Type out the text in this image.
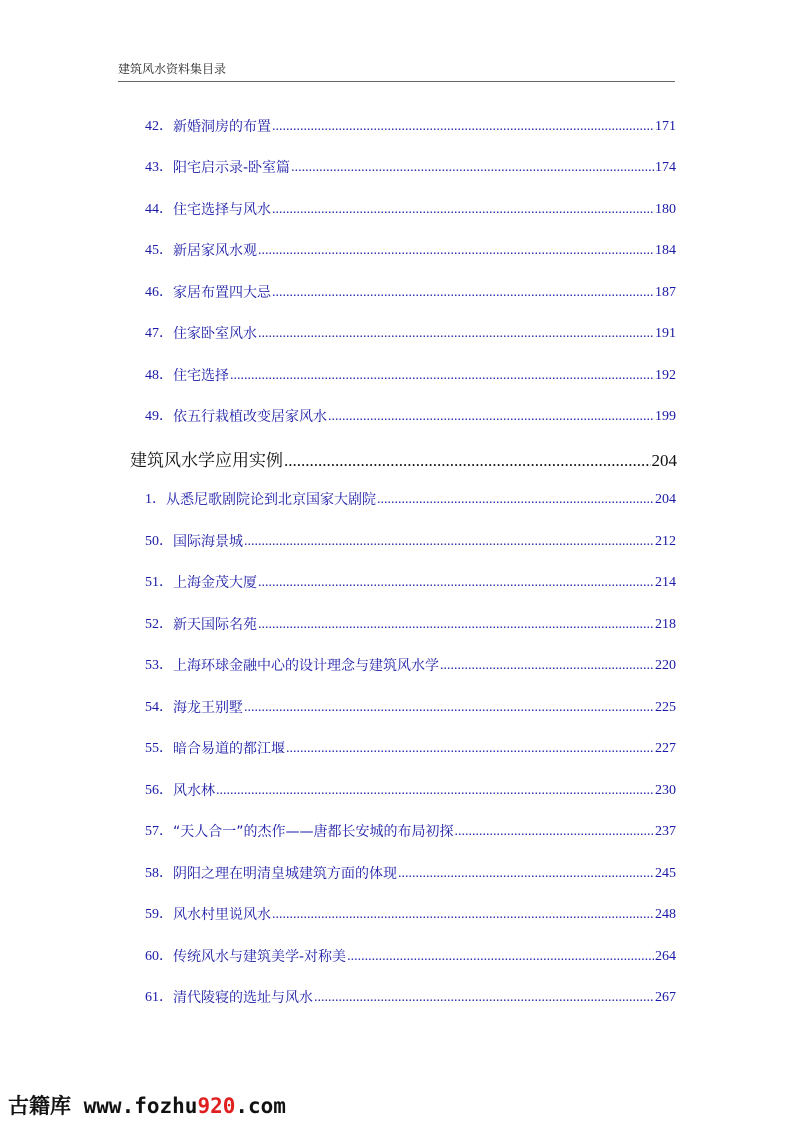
建筑风水资料集目录
42． 新婚洞房的布置 .....	171
43． 阳宅启示录-卧室篇 .....	174
44． 住宅选择与风水 .....	180
45． 新居家风水观 .....	184
46． 家居布置四大忌 .....	187
47． 住家卧室风水 .....	191
48． 住宅选择 .....	192
49． 依五行栽植改变居家风水 .....	199
建筑风水学应用实例 .....	204
1． 从悉尼歌剧院论到北京国家大剧院 .....	204
50． 国际海景城 .....	212
51． 上海金茂大厦 .....	214
52． 新天国际名苑 .....	218
53． 上海环球金融中心的设计理念与建筑风水学 .....	220
54． 海龙王别墅 .....	225
55． 暗合易道的都江堰 .....	227
56． 风水林 .....	230
57． “天人合一”的杰作——唐都长安城的布局初探 .....	237
58． 阴阳之理在明清皇城建筑方面的体现 .....	245
59． 风水村里说风水 .....	248
60． 传统风水与建筑美学-对称美 .....	264
61． 清代陵寝的选址与风水 .....	267
古籍库 www.fozhu920.com
